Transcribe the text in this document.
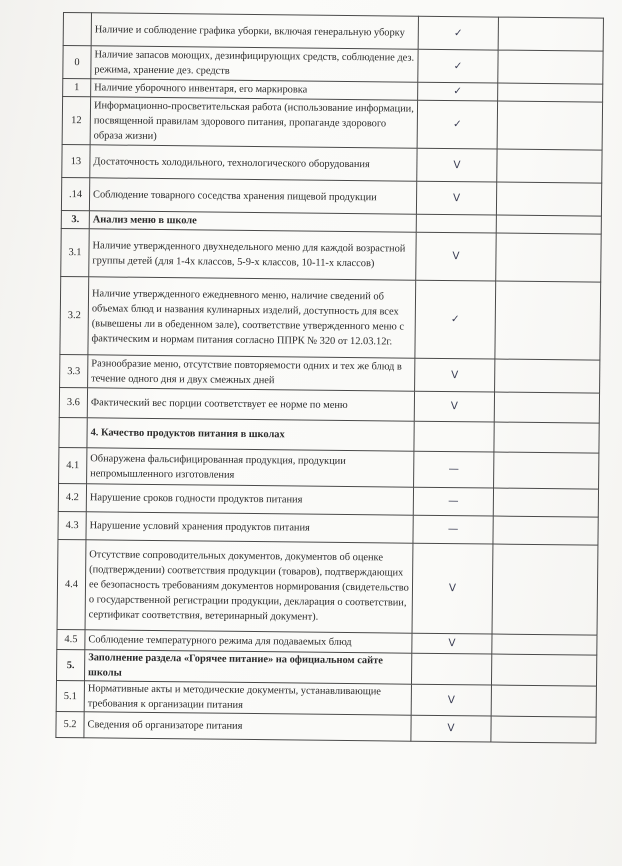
	Наличие и соблюдение графика уборки, включая генеральную уборку	✓	
0	Наличие запасов моющих, дезинфицирующих средств, соблюдение дез. режима, хранение дез. средств	✓	
1	Наличие уборочного инвентаря, его маркировка	✓	
12	Информационно-просветительская работа (использование информации, посвященной правилам здорового питания, пропаганде здорового образа жизни)	✓	
13	Достаточность холодильного, технологического оборудования	V	
.14	Соблюдение товарного соседства хранения пищевой продукции	V	
3.	Анализ меню в школе		
3.1	Наличие утвержденного двухнедельного меню для каждой возрастной группы детей (для 1-4х классов, 5-9-х классов, 10-11-х классов)	V	
3.2	Наличие утвержденного ежедневного меню, наличие сведений об объемах блюд и названия кулинарных изделий, доступность для всех (вывешены ли в обеденном зале), соответствие утвержденного меню с фактическим и нормам питания согласно ППРК № 320 от 12.03.12г.	✓	
3.3	Разнообразие меню, отсутствие повторяемости одних и тех же блюд в течение одного дня и двух смежных дней	V	
3.6	Фактический вес порции соответствует ее норме по меню	V	
	4. Качество продуктов питания в школах		
4.1	Обнаружена фальсифицированная продукция, продукции непромышленного изготовления	—	
4.2	Нарушение сроков годности продуктов питания	—	
4.3	Нарушение условий хранения продуктов питания	—	
4.4	Отсутствие сопроводительных документов, документов об оценке (подтверждении) соответствия продукции (товаров), подтверждающих ее безопасность требованиям документов нормирования (свидетельство о государственной регистрации продукции, декларация о соответствии, сертификат соответствия, ветеринарный документ).	V	
4.5	Соблюдение температурного режима для подаваемых блюд	V	
5.	Заполнение раздела «Горячее питание» на официальном сайте школы		
5.1	Нормативные акты и методические документы, устанавливающие требования к организации питания	V	
5.2	Сведения об организаторе питания	V	
